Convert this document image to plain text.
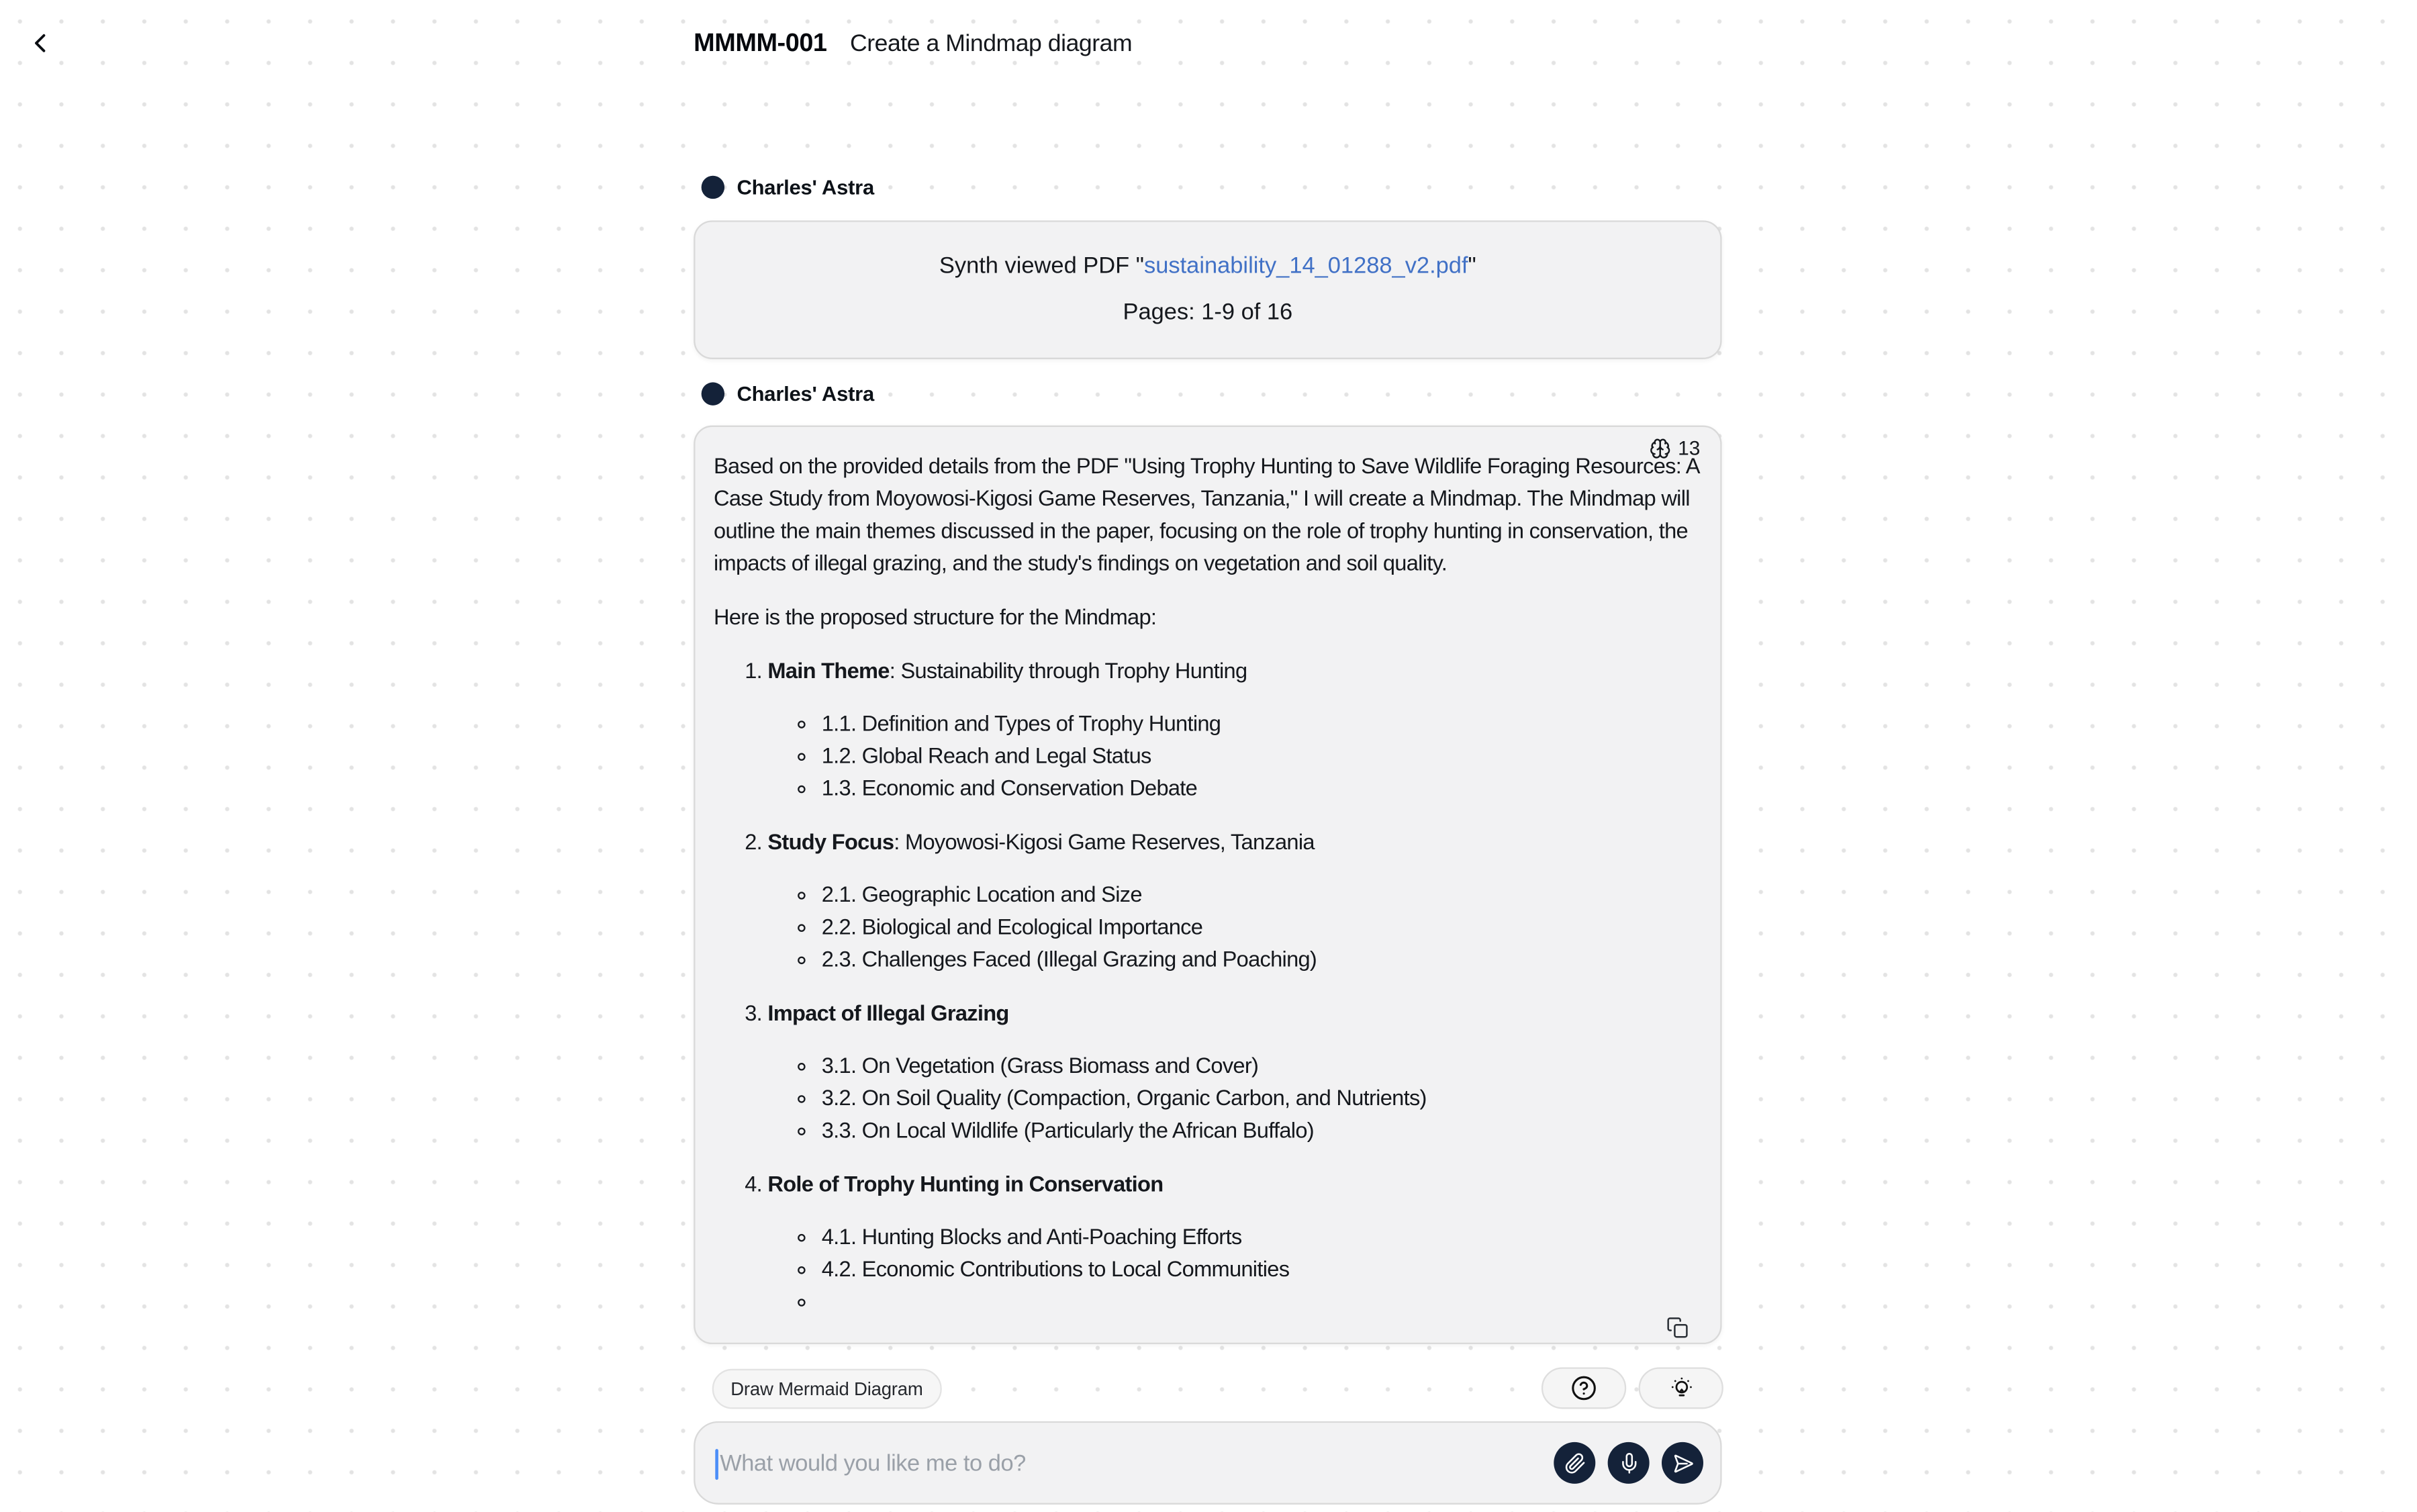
MMMM-001 Create a Mindmap diagram
Charles' Astra
Synth viewed PDF "sustainability_14_01288_v2.pdf"
Pages: 1-9 of 16
Charles' Astra
13

Based on the provided details from the PDF "Using Trophy Hunting to Save Wildlife Foraging Resources: A Case Study from Moyowosi-Kigosi Game Reserves, Tanzania," I will create a Mindmap. The Mindmap will outline the main themes discussed in the paper, focusing on the role of trophy hunting in conservation, the impacts of illegal grazing, and the study's findings on vegetation and soil quality.

Here is the proposed structure for the Mindmap:

1. Main Theme: Sustainability through Trophy Hunting
◦ 1.1. Definition and Types of Trophy Hunting
◦ 1.2. Global Reach and Legal Status
◦ 1.3. Economic and Conservation Debate
2. Study Focus: Moyowosi-Kigosi Game Reserves, Tanzania
◦ 2.1. Geographic Location and Size
◦ 2.2. Biological and Ecological Importance
◦ 2.3. Challenges Faced (Illegal Grazing and Poaching)
3. Impact of Illegal Grazing
◦ 3.1. On Vegetation (Grass Biomass and Cover)
◦ 3.2. On Soil Quality (Compaction, Organic Carbon, and Nutrients)
◦ 3.3. On Local Wildlife (Particularly the African Buffalo)
4. Role of Trophy Hunting in Conservation
◦ 4.1. Hunting Blocks and Anti-Poaching Efforts
◦ 4.2. Economic Contributions to Local Communities
◦
Draw Mermaid Diagram
What would you like me to do?
